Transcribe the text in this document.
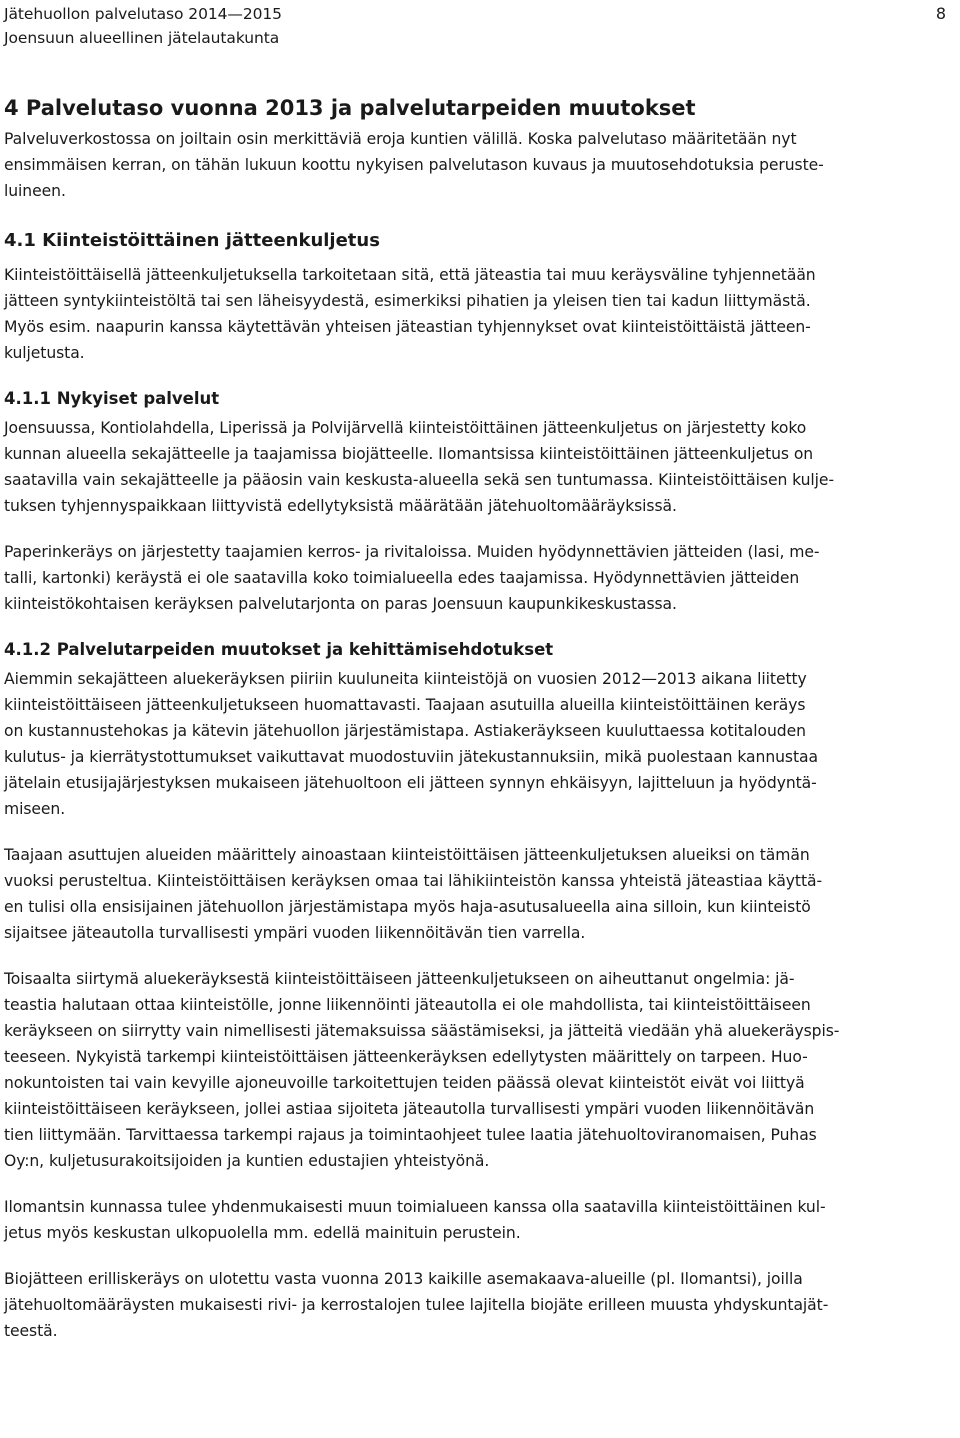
Jätehuollon palvelutaso 2014—2015
Joensuun alueellinen jätelautakunta
8
4 Palvelutaso vuonna 2013 ja palvelutarpeiden muutokset
Palveluverkostossa on joiltain osin merkittäviä eroja kuntien välillä. Koska palvelutaso määritetään nyt
ensimmäisen kerran, on tähän lukuun koottu nykyisen palvelutason kuvaus ja muutosehdotuksia peruste-
luineen.
4.1 Kiinteistöittäinen jätteenkuljetus
Kiinteistöittäisellä jätteenkuljetuksella tarkoitetaan sitä, että jäteastia tai muu keräysväline tyhjennetään
jätteen syntykiinteistöltä tai sen läheisyydestä, esimerkiksi pihatien ja yleisen tien tai kadun liittymästä.
Myös esim. naapurin kanssa käytettävän yhteisen jäteastian tyhjennykset ovat kiinteistöittäistä jätteen-
kuljetusta.
4.1.1 Nykyiset palvelut
Joensuussa, Kontiolahdella, Liperissä ja Polvijärvellä kiinteistöittäinen jätteenkuljetus on järjestetty koko
kunnan alueella sekajätteelle ja taajamissa biojätteelle. Ilomantsissa kiinteistöittäinen jätteenkuljetus on
saatavilla vain sekajätteelle ja pääosin vain keskusta-alueella sekä sen tuntumassa. Kiinteistöittäisen kulje-
tuksen tyhjennyspaikkaan liittyvistä edellytyksistä määrätään jätehuoltomääräyksissä.
Paperinkeräys on järjestetty taajamien kerros- ja rivitaloissa. Muiden hyödynnettävien jätteiden (lasi, me-
talli, kartonki) keräystä ei ole saatavilla koko toimialueella edes taajamissa. Hyödynnettävien jätteiden
kiinteistökohtaisen keräyksen palvelutarjonta on paras Joensuun kaupunkikeskustassa.
4.1.2 Palvelutarpeiden muutokset ja kehittämisehdotukset
Aiemmin sekajätteen aluekeräyksen piiriin kuuluneita kiinteistöjä on vuosien 2012—2013 aikana liitetty
kiinteistöittäiseen jätteenkuljetukseen huomattavasti. Taajaan asutuilla alueilla kiinteistöittäinen keräys
on kustannustehokas ja kätevin jätehuollon järjestämistapa. Astiakeräykseen kuuluttaessa kotitalouden
kulutus- ja kierrätystottumukset vaikuttavat muodostuviin jätekustannuksiin, mikä puolestaan kannustaa
jätelain etusijajärjestyksen mukaiseen jätehuoltoon eli jätteen synnyn ehkäisyyn, lajitteluun ja hyödyntä-
miseen.
Taajaan asuttujen alueiden määrittely ainoastaan kiinteistöittäisen jätteenkuljetuksen alueiksi on tämän
vuoksi perusteltua. Kiinteistöittäisen keräyksen omaa tai lähikiinteistön kanssa yhteistä jäteastiaa käyttä-
en tulisi olla ensisijainen jätehuollon järjestämistapa myös haja-asutusalueella aina silloin, kun kiinteistö
sijaitsee jäteautolla turvallisesti ympäri vuoden liikennöitävän tien varrella.
Toisaalta siirtymä aluekeräyksestä kiinteistöittäiseen jätteenkuljetukseen on aiheuttanut ongelmia: jä-
teastia halutaan ottaa kiinteistölle, jonne liikennöinti jäteautolla ei ole mahdollista, tai kiinteistöittäiseen
keräykseen on siirrytty vain nimellisesti jätemaksuissa säästämiseksi, ja jätteitä viedään yhä aluekeräyspis-
teeseen. Nykyistä tarkempi kiinteistöittäisen jätteenkeräyksen edellytysten määrittely on tarpeen. Huo-
nokuntoisten tai vain kevyille ajoneuvoille tarkoitettujen teiden päässä olevat kiinteistöt eivät voi liittyä
kiinteistöittäiseen keräykseen, jollei astiaa sijoiteta jäteautolla turvallisesti ympäri vuoden liikennöitävän
tien liittymään. Tarvittaessa tarkempi rajaus ja toimintaohjeet tulee laatia jätehuoltoviranomaisen, Puhas
Oy:n, kuljetusurakoitsijoiden ja kuntien edustajien yhteistyönä.
Ilomantsin kunnassa tulee yhdenmukaisesti muun toimialueen kanssa olla saatavilla kiinteistöittäinen kul-
jetus myös keskustan ulkopuolella mm. edellä mainituin perustein.
Biojätteen erilliskeräys on ulotettu vasta vuonna 2013 kaikille asemakaava-alueille (pl. Ilomantsi), joilla
jätehuoltomääräysten mukaisesti rivi- ja kerrostalojen tulee lajitella biojäte erilleen muusta yhdyskuntajät-
teestä.
